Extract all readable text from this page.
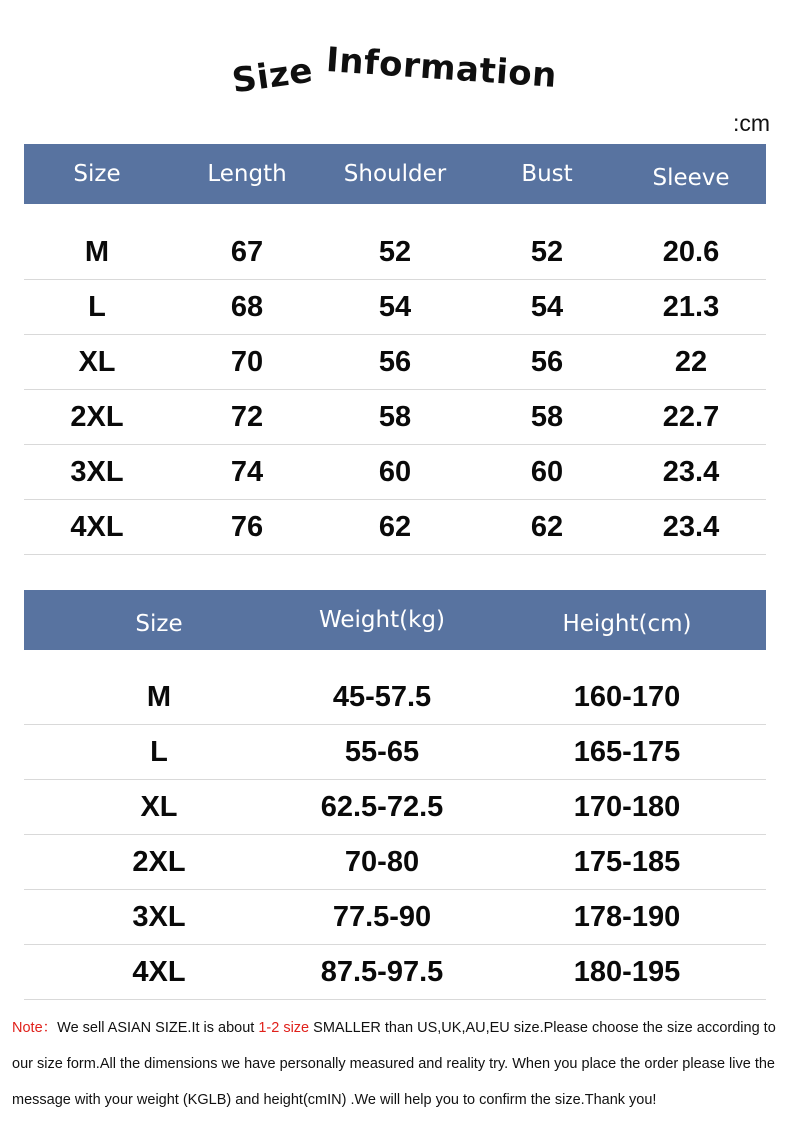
Size Information
:cm
Size	Length	Shoulder	Bust	Sleeve
M	67	52	52	20.6
L	68	54	54	21.3
XL	70	56	56	22
2XL	72	58	58	22.7
3XL	74	60	60	23.4
4XL	76	62	62	23.4
Size	Weight(kg)	Height(cm)
M	45-57.5	160-170
L	55-65	165-175
XL	62.5-72.5	170-180
2XL	70-80	175-185
3XL	77.5-90	178-190
4XL	87.5-97.5	180-195
Note：We sell ASIAN SIZE.It is about 1-2 size SMALLER than US,UK,AU,EU size.Please choose the size according to our size form.All the dimensions we have personally measured and reality try. When you place the order please live the message with your weight (KGLB) and height(cmIN) .We will help you to confirm the size.Thank you!
